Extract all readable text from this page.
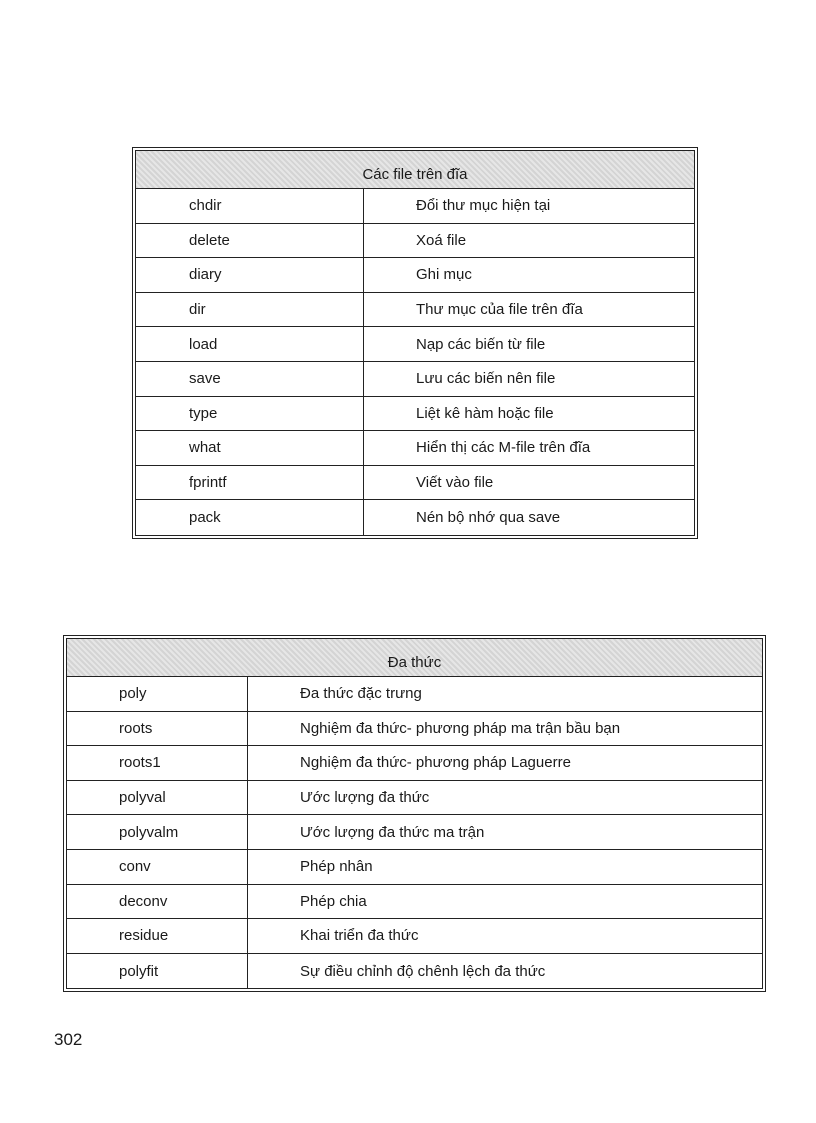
Các file trên đĩa
chdir	Đổi thư mục hiện tại
delete	Xoá file
diary	Ghi mục
dir	Thư mục của file trên đĩa
load	Nạp các biến từ file
save	Lưu các biến nên file
type	Liệt kê hàm hoặc file
what	Hiển thị các M-file trên đĩa
fprintf	Viết vào file
pack	Nén bộ nhớ qua save
Đa thức
poly	Đa thức đặc trưng
roots	Nghiệm đa thức- phương pháp ma trận bầu bạn
roots1	Nghiệm đa thức- phương pháp Laguerre
polyval	Ước lượng đa thức
polyvalm	Ước lượng đa thức ma trận
conv	Phép nhân
deconv	Phép chia
residue	Khai triển đa thức
polyfit	Sự điều chỉnh độ chênh lệch đa thức
302
